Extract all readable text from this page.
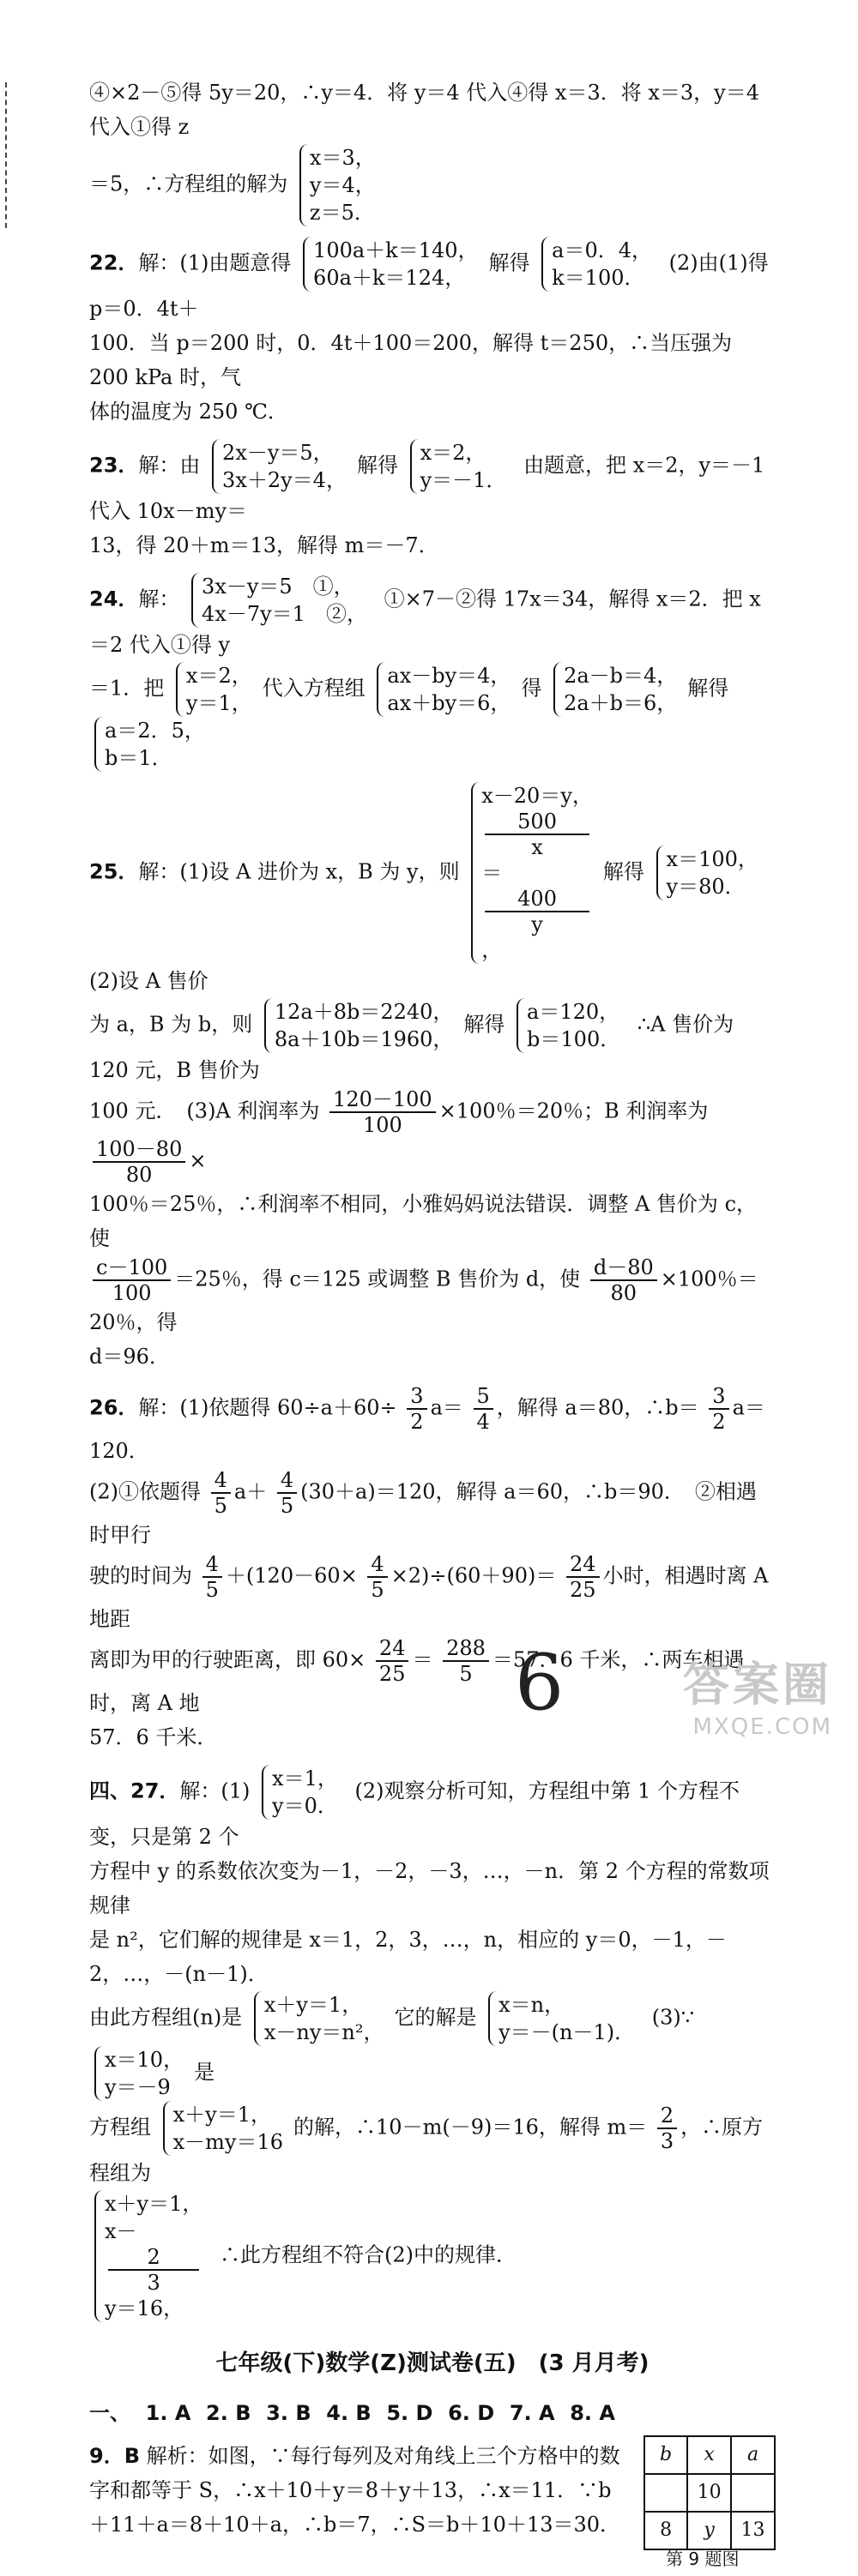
④×2－⑤得 5y＝20，∴y＝4．将 y＝4 代入④得 x＝3．将 x＝3，y＝4 代入①得 z
＝5，∴方程组的解为
x＝3，
y＝4，
z＝5．
22．解：(1)由题意得
100a＋k＝140，
60a＋k＝124，
解得
a＝0．4，
k＝100．
(2)由(1)得 p＝0．4t＋
100．当 p＝200 时，0．4t＋100＝200，解得 t＝250，∴当压强为 200 kPa 时，气
体的温度为 250 ℃．
23．解：由
2x－y＝5，
3x＋2y＝4，
解得
x＝2，
y＝－1．
由题意，把 x＝2，y＝－1 代入 10x－my＝
13，得 20＋m＝13，解得 m＝－7．
24．解：
3x－y＝5　①，
4x－7y＝1　②，
①×7－②得 17x＝34，解得 x＝2．把 x＝2 代入①得 y
＝1．把
x＝2，
y＝1，
代入方程组
ax－by＝4，
ax＋by＝6，
得
2a－b＝4，
2a＋b＝6，
解得
a＝2．5，
b＝1．
25．解：(1)设 A 进价为 x，B 为 y，则
x－20＝y，
500
x
＝
400
y
，
解得
x＝100，
y＝80．
(2)设 A 售价
为 a，B 为 b，则
12a＋8b＝2240，
8a＋10b＝1960，
解得
a＝120，
b＝100．
∴A 售价为 120 元，B 售价为
100 元．　(3)A 利润率为 $\frac{120-100}{100} \times 100$％＝20％；B 利润率为
$\frac{100-80}{80}$ ×
100％＝25％，∴利润率不相同，小雅妈妈说法错误．调整 A 售价为 c，使
$\frac{c-100}{100} =25$％，得 c＝125 或调整 B 售价为 d，使 $\frac{d-80}{80} \times 100$％＝20％，得
d＝96．
26．解：(1)依题得 $60\div a+60\div \frac{3}{2} a= \frac{5}{4}$ ，解得 a＝80，∴b＝ $\frac{3}{2} a=120$．
(2)①依题得 $\frac{4}{5} a+ \frac{4}{5} (30+a)=120$，解得 a＝60，∴b＝90．　②相遇时甲行
驶的时间为 $\frac{4}{5} +(120-60\times \frac{4}{5} \times 2)\div(60+90)= \frac{24}{25}$ 小时，相遇时离 A 地距
离即为甲的行驶距离，即 $60\times \frac{24}{25} = \frac{288}{5} =57$．6 千米，∴两车相遇时，离 A 地
57．6 千米．
四、27．解：(1)
x＝1，
y＝0．
(2)观察分析可知，方程组中第 1 个方程不变，只是第 2 个
方程中 y 的系数依次变为－1，－2，－3，…，－n．第 2 个方程的常数项规律
是 n²，它们解的规律是 x＝1，2，3，…，n，相应的 y＝0，－1，－2，…，－(n－1)．
由此方程组(n)是
x＋y＝1，
x－ny＝n²，
它的解是
x＝n，
y＝－(n－1)．
(3)∵
x＝10，
y＝－9
是
方程组
x＋y＝1，
x－my＝16
的解，∴10－m(－9)＝16，解得 $m= \frac{2}{3}$ ，∴原方程组为
x＋y＝1，
x－
2
3
y＝16，
∴此方程组不符合(2)中的规律．
七年级(下)数学(Z)测试卷(五)　(3 月月考)
一、 1. A 2. B 3. B 4. B 5. D 6. D 7. A 8. A
9．B 解析：如图，∵每行每列及对角线上三个方格中的数字和都等于 S，∴x＋10＋y＝8＋y＋13，∴x＝11．∵b＋11＋a＝8＋10＋a，∴b＝7，∴S＝b＋10＋13＝30．
b	x	a
	10	
8	y	13
第 9 题图
6	答案圈
MXQE.COM
